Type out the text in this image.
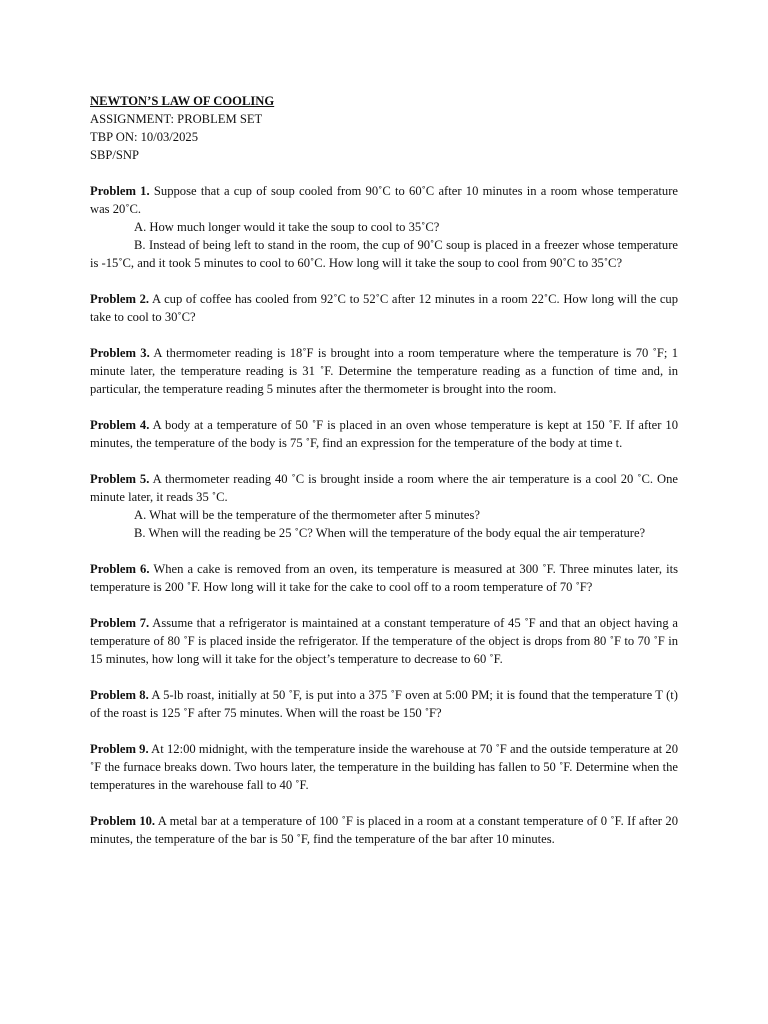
NEWTON’S LAW OF COOLING
ASSIGNMENT: PROBLEM SET
TBP ON: 10/03/2025
SBP/SNP

Problem 1. Suppose that a cup of soup cooled from 90˚C to 60˚C after 10 minutes in a room whose temperature was 20˚C.

A. How much longer would it take the soup to cool to 35˚C?

B. Instead of being left to stand in the room, the cup of 90˚C soup is placed in a freezer whose temperature is -15˚C, and it took 5 minutes to cool to 60˚C. How long will it take the soup to cool from 90˚C to 35˚C?

Problem 2. A cup of coffee has cooled from 92˚C to 52˚C after 12 minutes in a room 22˚C. How long will the cup take to cool to 30˚C?

Problem 3. A thermometer reading is 18˚F is brought into a room temperature where the temperature is 70 ˚F; 1 minute later, the temperature reading is 31 ˚F. Determine the temperature reading as a function of time and, in particular, the temperature reading 5 minutes after the thermometer is brought into the room.

Problem 4. A body at a temperature of 50 ˚F is placed in an oven whose temperature is kept at 150 ˚F. If after 10 minutes, the temperature of the body is 75 ˚F, find an expression for the temperature of the body at time t.

Problem 5. A thermometer reading 40 ˚C is brought inside a room where the air temperature is a cool 20 ˚C. One minute later, it reads 35 ˚C.

A. What will be the temperature of the thermometer after 5 minutes?

B. When will the reading be 25 ˚C? When will the temperature of the body equal the air temperature?

Problem 6. When a cake is removed from an oven, its temperature is measured at 300 ˚F. Three minutes later, its temperature is 200 ˚F. How long will it take for the cake to cool off to a room temperature of 70 ˚F?

Problem 7. Assume that a refrigerator is maintained at a constant temperature of 45 ˚F and that an object having a temperature of 80 ˚F is placed inside the refrigerator. If the temperature of the object is drops from 80 ˚F to 70 ˚F in 15 minutes, how long will it take for the object’s temperature to decrease to 60 ˚F.

Problem 8. A 5-lb roast, initially at 50 ˚F, is put into a 375 ˚F oven at 5:00 PM; it is found that the temperature T (t) of the roast is 125 ˚F after 75 minutes. When will the roast be 150 ˚F?

Problem 9. At 12:00 midnight, with the temperature inside the warehouse at 70 ˚F and the outside temperature at 20 ˚F the furnace breaks down. Two hours later, the temperature in the building has fallen to 50 ˚F. Determine when the temperatures in the warehouse fall to 40 ˚F.

Problem 10. A metal bar at a temperature of 100 ˚F is placed in a room at a constant temperature of 0 ˚F. If after 20 minutes, the temperature of the bar is 50 ˚F, find the temperature of the bar after 10 minutes.
